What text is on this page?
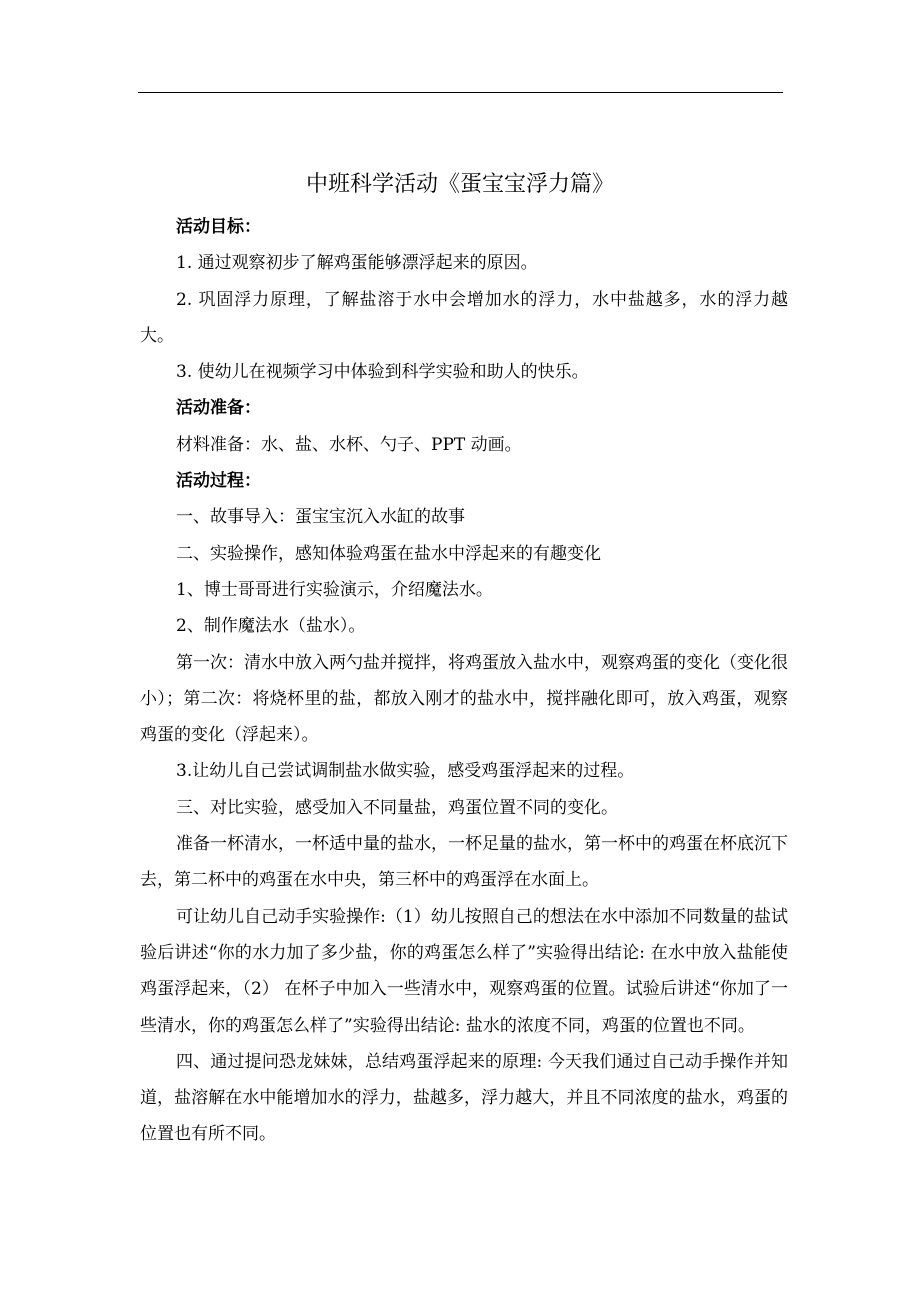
中班科学活动《蛋宝宝浮力篇》

活动目标：

1. 通过观察初步了解鸡蛋能够漂浮起来的原因。

2. 巩固浮力原理，了解盐溶于水中会增加水的浮力，水中盐越多，水的浮力越大。

3. 使幼儿在视频学习中体验到科学实验和助人的快乐。

活动准备：

材料准备：水、盐、水杯、勺子、PPT 动画。

活动过程：

一、故事导入：蛋宝宝沉入水缸的故事

二、实验操作，感知体验鸡蛋在盐水中浮起来的有趣变化

1、博士哥哥进行实验演示，介绍魔法水。

2、制作魔法水（盐水）。

第一次：清水中放入两勺盐并搅拌，将鸡蛋放入盐水中，观察鸡蛋的变化（变化很小）；第二次：将烧杯里的盐，都放入刚才的盐水中，搅拌融化即可，放入鸡蛋，观察鸡蛋的变化（浮起来）。

3.让幼儿自己尝试调制盐水做实验，感受鸡蛋浮起来的过程。

三、对比实验，感受加入不同量盐，鸡蛋位置不同的变化。

准备一杯清水，一杯适中量的盐水，一杯足量的盐水，第一杯中的鸡蛋在杯底沉下去，第二杯中的鸡蛋在水中央，第三杯中的鸡蛋浮在水面上。

可让幼儿自己动手实验操作:（1）幼儿按照自己的想法在水中添加不同数量的盐试验后讲述“你的水力加了多少盐，你的鸡蛋怎么样了”实验得出结论: 在水中放入盐能使鸡蛋浮起来，（2） 在杯子中加入一些清水中，观察鸡蛋的位置。试验后讲述“你加了一些清水，你的鸡蛋怎么样了”实验得出结论: 盐水的浓度不同，鸡蛋的位置也不同。

四、通过提问恐龙妹妹，总结鸡蛋浮起来的原理: 今天我们通过自己动手操作并知道，盐溶解在水中能增加水的浮力，盐越多，浮力越大，并且不同浓度的盐水，鸡蛋的位置也有所不同。
